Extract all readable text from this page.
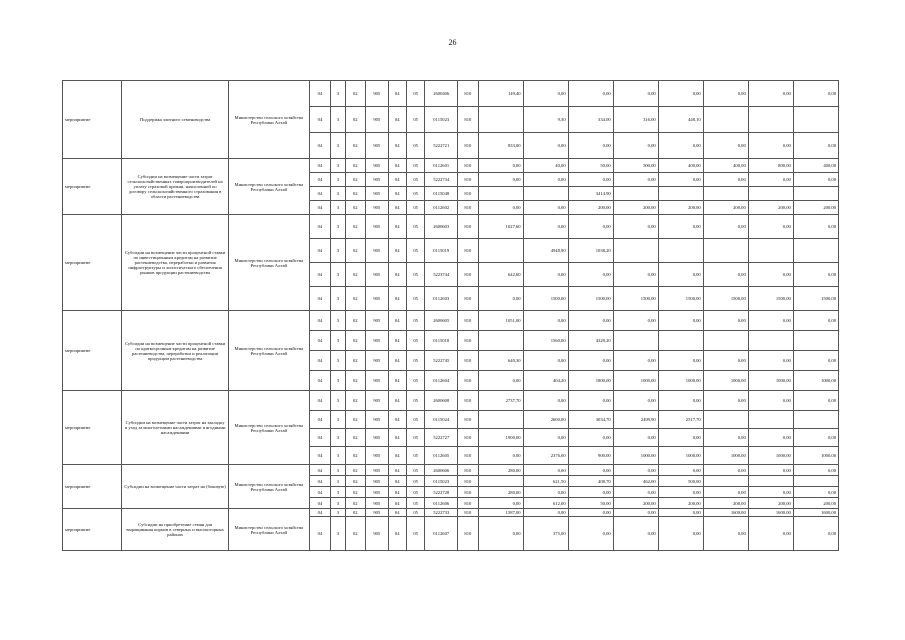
26
мероприятие	Поддержка элитного семеноводства	Министерство сельского хозяйства Республики Алтай	04	3	02	905	04	05	2600406	810	149,40	0,00	0,00	0,00	0,00	0,00	0,00	0,00
			04	3	02	905	04	05	0115023	810		9,30	334,00	316,00	448,10			
			04	3	02	905	04	05	5222721	810	833,00	0,00	0,00	0,00	0,00	0,00	0,00	0,00
мероприятие	Субсидии на возмещение части затрат сельскохозяйственных товаропроизводителей на уплату страховой премии, начисленной по договору сельскохозяйственного страхования в области растениеводства	Министерство сельского хозяйства Республики Алтай	04	3	02	905	04	05	0112601	810	0,00	40,00	50,00	500,00	400,00	400,00	800,00	400,00
			04	3	02	905	04	05	5222734	810	0,00	0,00	0,00	0,00	0,00	0,00	0,00	0,00
			04	3	02	905	04	05	0115048	810			3414,90					
			04	3	02	905	04	05	0112602	810	0,00	0,00	200,00	200,00	200,00	200,00	200,00	200,00
мероприятие	Субсидии на возмещение части процентной ставки по инвестиционным кредитам на развитие растениеводства, переработки и развития инфраструктуры и логистического обеспечения рынков продукции растениеводства	Министерство сельского хозяйства Республики Алтай	04	3	02	905	04	05	2600603	810	1027,60	0,00	0,00	0,00	0,00	0,00	0,00	0,00
			04	3	02	905	04	05	0115019	810		4948,90	1038,20					
			04	3	02	905	04	05	5223744	810	642,60	0,00	0,00	0,00	0,00	0,00	0,00	0,00
			04	3	02	905	04	05	0112603	810	0,00	1500,00	1500,00	1500,00	1500,00	1500,00	1500,00	1500,00
мероприятие	Субсидии на возмещение части процентной ставки по краткосрочным кредитам на развитие растениеводства, переработки и реализации продукции растениеводства	Министерство сельского хозяйства Республики Алтай	04	3	02	905	04	05	2600605	810	1051,00	0,00	0,00	0,00	0,00	0,00	0,00	0,00
			04	3	02	905	04	05	0115018	810		1560,00	4328,20					
			04	3	02	905	04	05	5222745	810	640,30	0,00	0,00	0,00	0,00	0,00	0,00	0,00
			04	3	02	905	04	05	0112604	810	0,00	404,20	1800,00	1000,00	1000,00	1000,00	1000,00	1000,00
мероприятие	Субсидии на возмещение части затрат на закладку и уход за многолетними насаждениями и ягодными насаждениями	Министерство сельского хозяйства Республики Алтай	04	3	02	905	04	05	2600608	810	2737,70	0,00	0,00	0,00	0,00	0,00	0,00	0,00
			04	3	02	905	04	05	0115024	810		2600,00	3034,70	2499,90	2517,70			
			04	3	02	905	04	05	5222727	810	1900,00	0,00	0,00	0,00	0,00	0,00	0,00	0,00
			04	3	02	905	04	05	0112605	810	0,00	2376,00	900,00	1000,00	1000,00	1000,00	1000,00	1000,00
мероприятие	Субсидии на возмещение части затрат на (боковую)	Министерство сельского хозяйства Республики Алтай	04	3	02	905	04	05	2600606	810	280,00	0,00	0,00	0,00	0,00	0,00	0,00	0,00
			04	3	02	905	04	05	0115023	810		621,50	408,70	462,00	500,00			
			04	3	02	905	04	05	5222728	810	280,00	0,00	0,00	0,00	0,00	0,00	0,00	0,00
			04	3	02	905	04	05	0112606	810	0,00	612,00	50,00	200,00	200,00	200,00	200,00	200,00
мероприятие	Субсидии на приобретение семян для выращивания кормов в северных и высокогорных районах	Министерство сельского хозяйства Республики Алтай	04	3	02	905	04	05	5222733	810	1587,00	0,00	0,00	0,00	0,00	1600,00	1600,00	1600,00
			04	3	02	905	04	05	0112607	810	0,00	375,00	0,00	0,00	0,00	0,00	0,00	0,00
